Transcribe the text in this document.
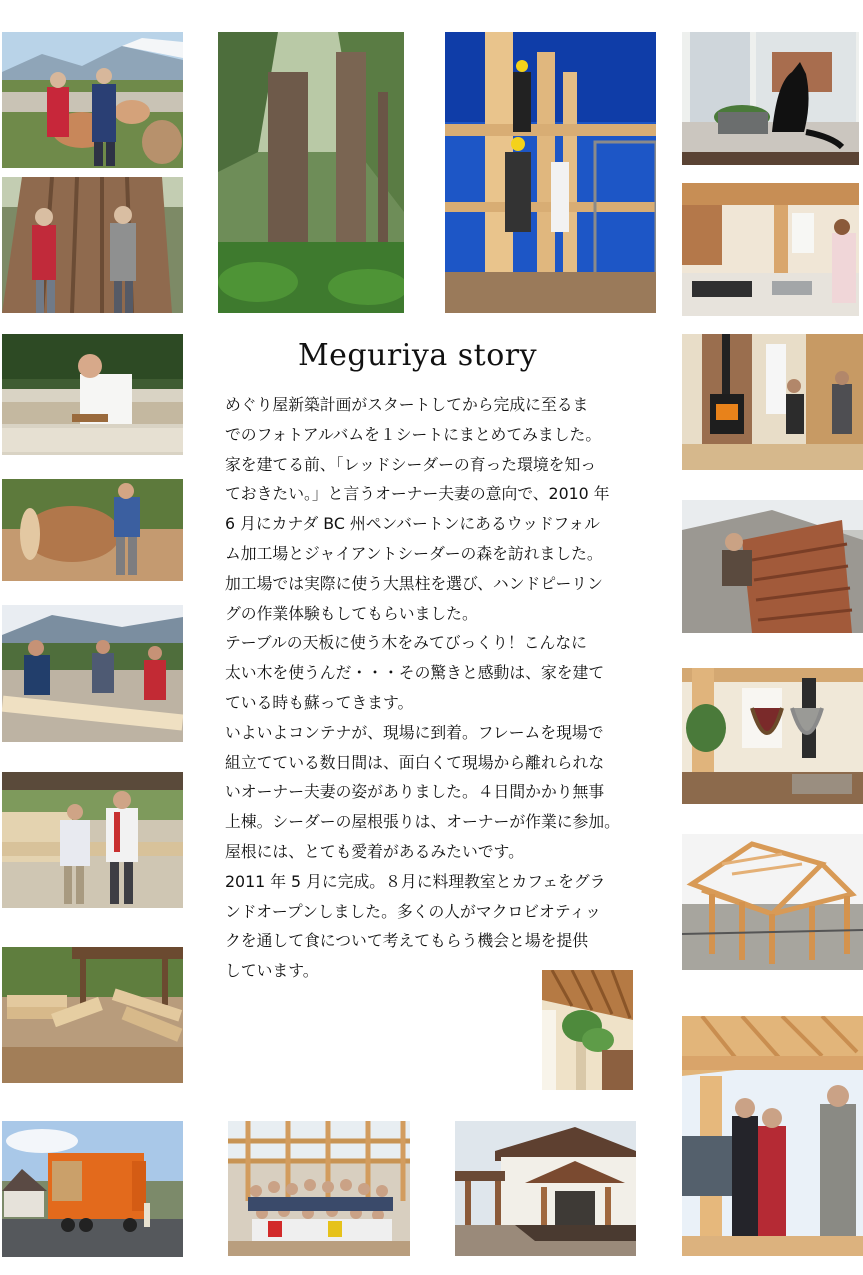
Meguriya story
めぐり屋新築計画がスタートしてから完成に至るま
でのフォトアルバムを１シートにまとめてみました。
家を建てる前、「レッドシーダーの育った環境を知っ
ておきたい。」と言うオーナー夫妻の意向で、2010 年
6 月にカナダ BC 州ペンバートンにあるウッドフォル
ム加工場とジャイアントシーダーの森を訪れました。
加工場では実際に使う大黒柱を選び、ハンドピーリン
グの作業体験もしてもらいました。
テーブルの天板に使う木をみてびっくり！こんなに
太い木を使うんだ・・・その驚きと感動は、家を建て
ている時も蘇ってきます。
いよいよコンテナが、現場に到着。フレームを現場で
組立てている数日間は、面白くて現場から離れられな
いオーナー夫妻の姿がありました。４日間かかり無事
上棟。シーダーの屋根張りは、オーナーが作業に参加。
屋根には、とても愛着があるみたいです。
2011 年 5 月に完成。８月に料理教室とカフェをグラ
ンドオープンしました。多くの人がマクロビオティッ
クを通して食について考えてもらう機会と場を提供
しています。
